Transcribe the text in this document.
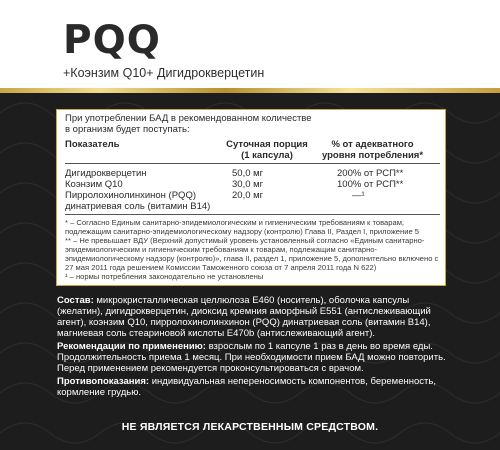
PQQ
+Коэнзим Q10+ Дигидрокверцетин
При употреблении БАД в рекомендованном количестве
в организм будет поступать:
Показатель	Суточная порция
(1 капсула)
% от адекватного
уровня потребления*
Дигидрокверцетин	50,0 мг	200% от РСП**
Коэнзим Q10	30,0 мг	100% от РСП**
Пирролохинолинхинон (PQQ)
динатриевая соль (витамин В14)
20,0 мг	—¹
* – Согласно Единым санитарно-эпидемиологическим и гигиеническим требованиям к товарам, подлежащим санитарно-эпидемиологическому надзору (контролю) Глава II, Раздел I, приложение 5
** – Не превышает ВДУ (Верхний допустимый уровень установленный согласно «Единым санитарно-эпидемиологическим и гигиеническим требованиям к товарам, подлежащим санитарно-эпидемиологическому надзору (контролю)», глава II, раздел 1, приложение 5, дополнительно включено с 27 мая 2011 года решением Комиссии Таможенного союза от 7 апреля 2011 года N 622)
¹ – нормы потребления законодательно не установлены

Состав: микрокристаллическая целлюлоза Е460 (носитель), оболочка капсулы (желатин), дигидрокверцетин, диоксид кремния аморфный Е551 (антислеживающий агент), коэнзим Q10, пирролохинолинхинон (PQQ) динатриевая соль (витамин В14), магниевая соль стеариновой кислоты Е470b (антислеживающий агент).

Рекомендации по применению: взрослым по 1 капсуле 1 раз в день во время еды. Продолжительность приема 1 месяц. При необходимости прием БАД можно повторить. Перед применением рекомендуется проконсультироваться с врачом.

Противопоказания: индивидуальная непереносимость компонентов, беременность, кормление грудью.

НЕ ЯВЛЯЕТСЯ ЛЕКАРСТВЕННЫМ СРЕДСТВОМ.
